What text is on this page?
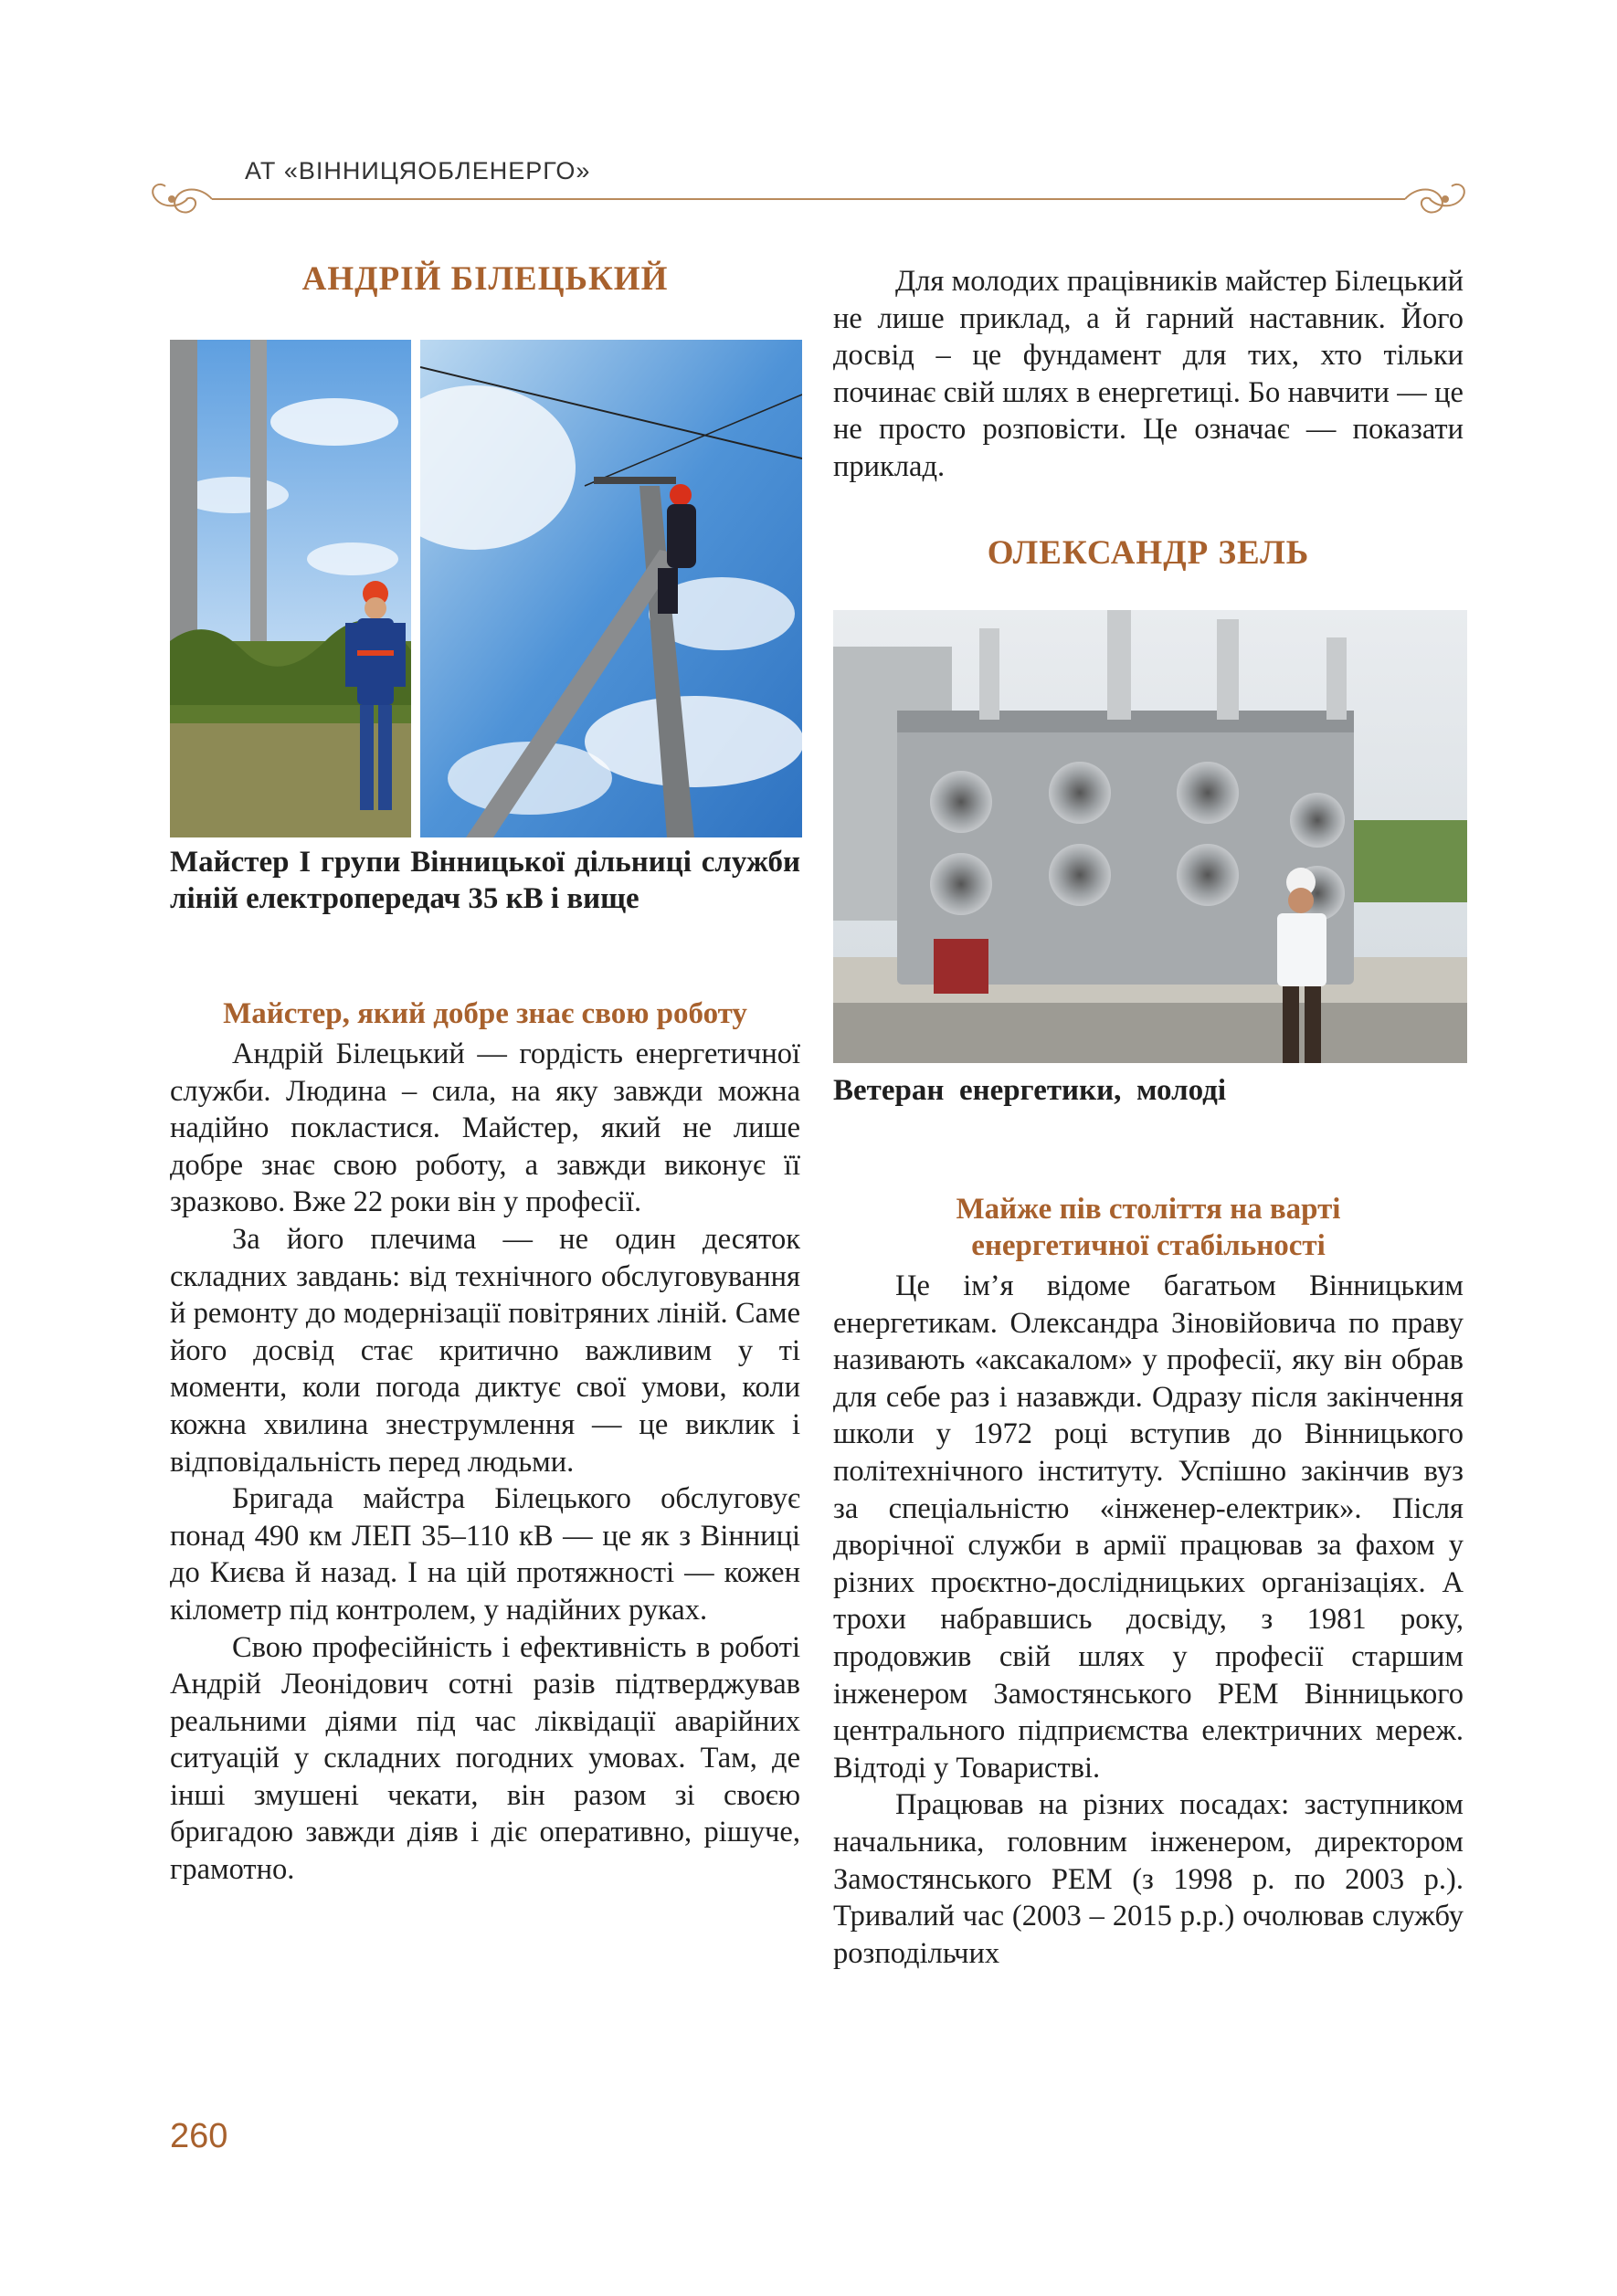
АТ «ВІННИЦЯОБЛЕНЕРГО»
АНДРІЙ БІЛЕЦЬКИЙ
Майстер І групи Вінницької дільниці служби ліній електропередач 35 кВ і вище
Майстер, який добре знає свою роботу

Андрій Білецький — гордість енергетичної служби. Людина – сила, на яку завжди можна надійно покластися. Майстер, який не лише добре знає свою роботу, а завжди виконує її зразково. Вже 22 роки він у професії.

За його плечима — не один десяток складних завдань: від технічного обслуговування й ремонту до модернізації повітряних ліній. Саме його досвід стає критично важливим у ті моменти, коли погода диктує свої умови, коли кожна хвилина знеструмлення — це виклик і відповідальність перед людьми.

Бригада майстра Білецького обслуговує понад 490 км ЛЕП 35–110 кВ — це як з Вінниці до Києва й назад. І на цій протяжності — кожен кілометр під контролем, у надійних руках.

Свою професійність і ефективність в роботі Андрій Леонідович сотні разів підтверджував реальними діями під час ліквідації аварійних ситуацій у складних погодних умовах. Там, де інші змушені чекати, він разом зі своєю бригадою завжди діяв і діє оперативно, рішуче, грамотно.

Для молодих працівників майстер Білецький не лише приклад, а й гарний наставник. Його досвід – це фундамент для тих, хто тільки починає свій шлях в енергетиці. Бо навчити — це не просто розповісти. Це означає — показати приклад.

ОЛЕКСАНДР ЗЕЛЬ
Ветеран енергетики, молоді
Майже пів століття на варті
енергетичної стабільності

Це ім’я відоме багатьом Вінницьким енергетикам. Олександра Зіновійовича по праву називають «аксакалом» у професії, яку він обрав для себе раз і назавжди. Одразу після закінчення школи у 1972 році вступив до Вінницького політехнічного інституту. Успішно закінчив вуз за спеціальністю «інженер-електрик». Після дворічної служби в армії працював за фахом у різних проєктно-дослідницьких організаціях. А трохи набравшись досвіду, з 1981 року, продовжив свій шлях у професії старшим інженером Замостянського РЕМ Вінницького центрального підприємства електричних мереж. Відтоді у Товаристві.

Працював на різних посадах: заступником начальника, головним інженером, директором Замостянського РЕМ (з 1998 р. по 2003 р.). Тривалий час (2003 – 2015 р.р.) очолював службу розподільчих

260
